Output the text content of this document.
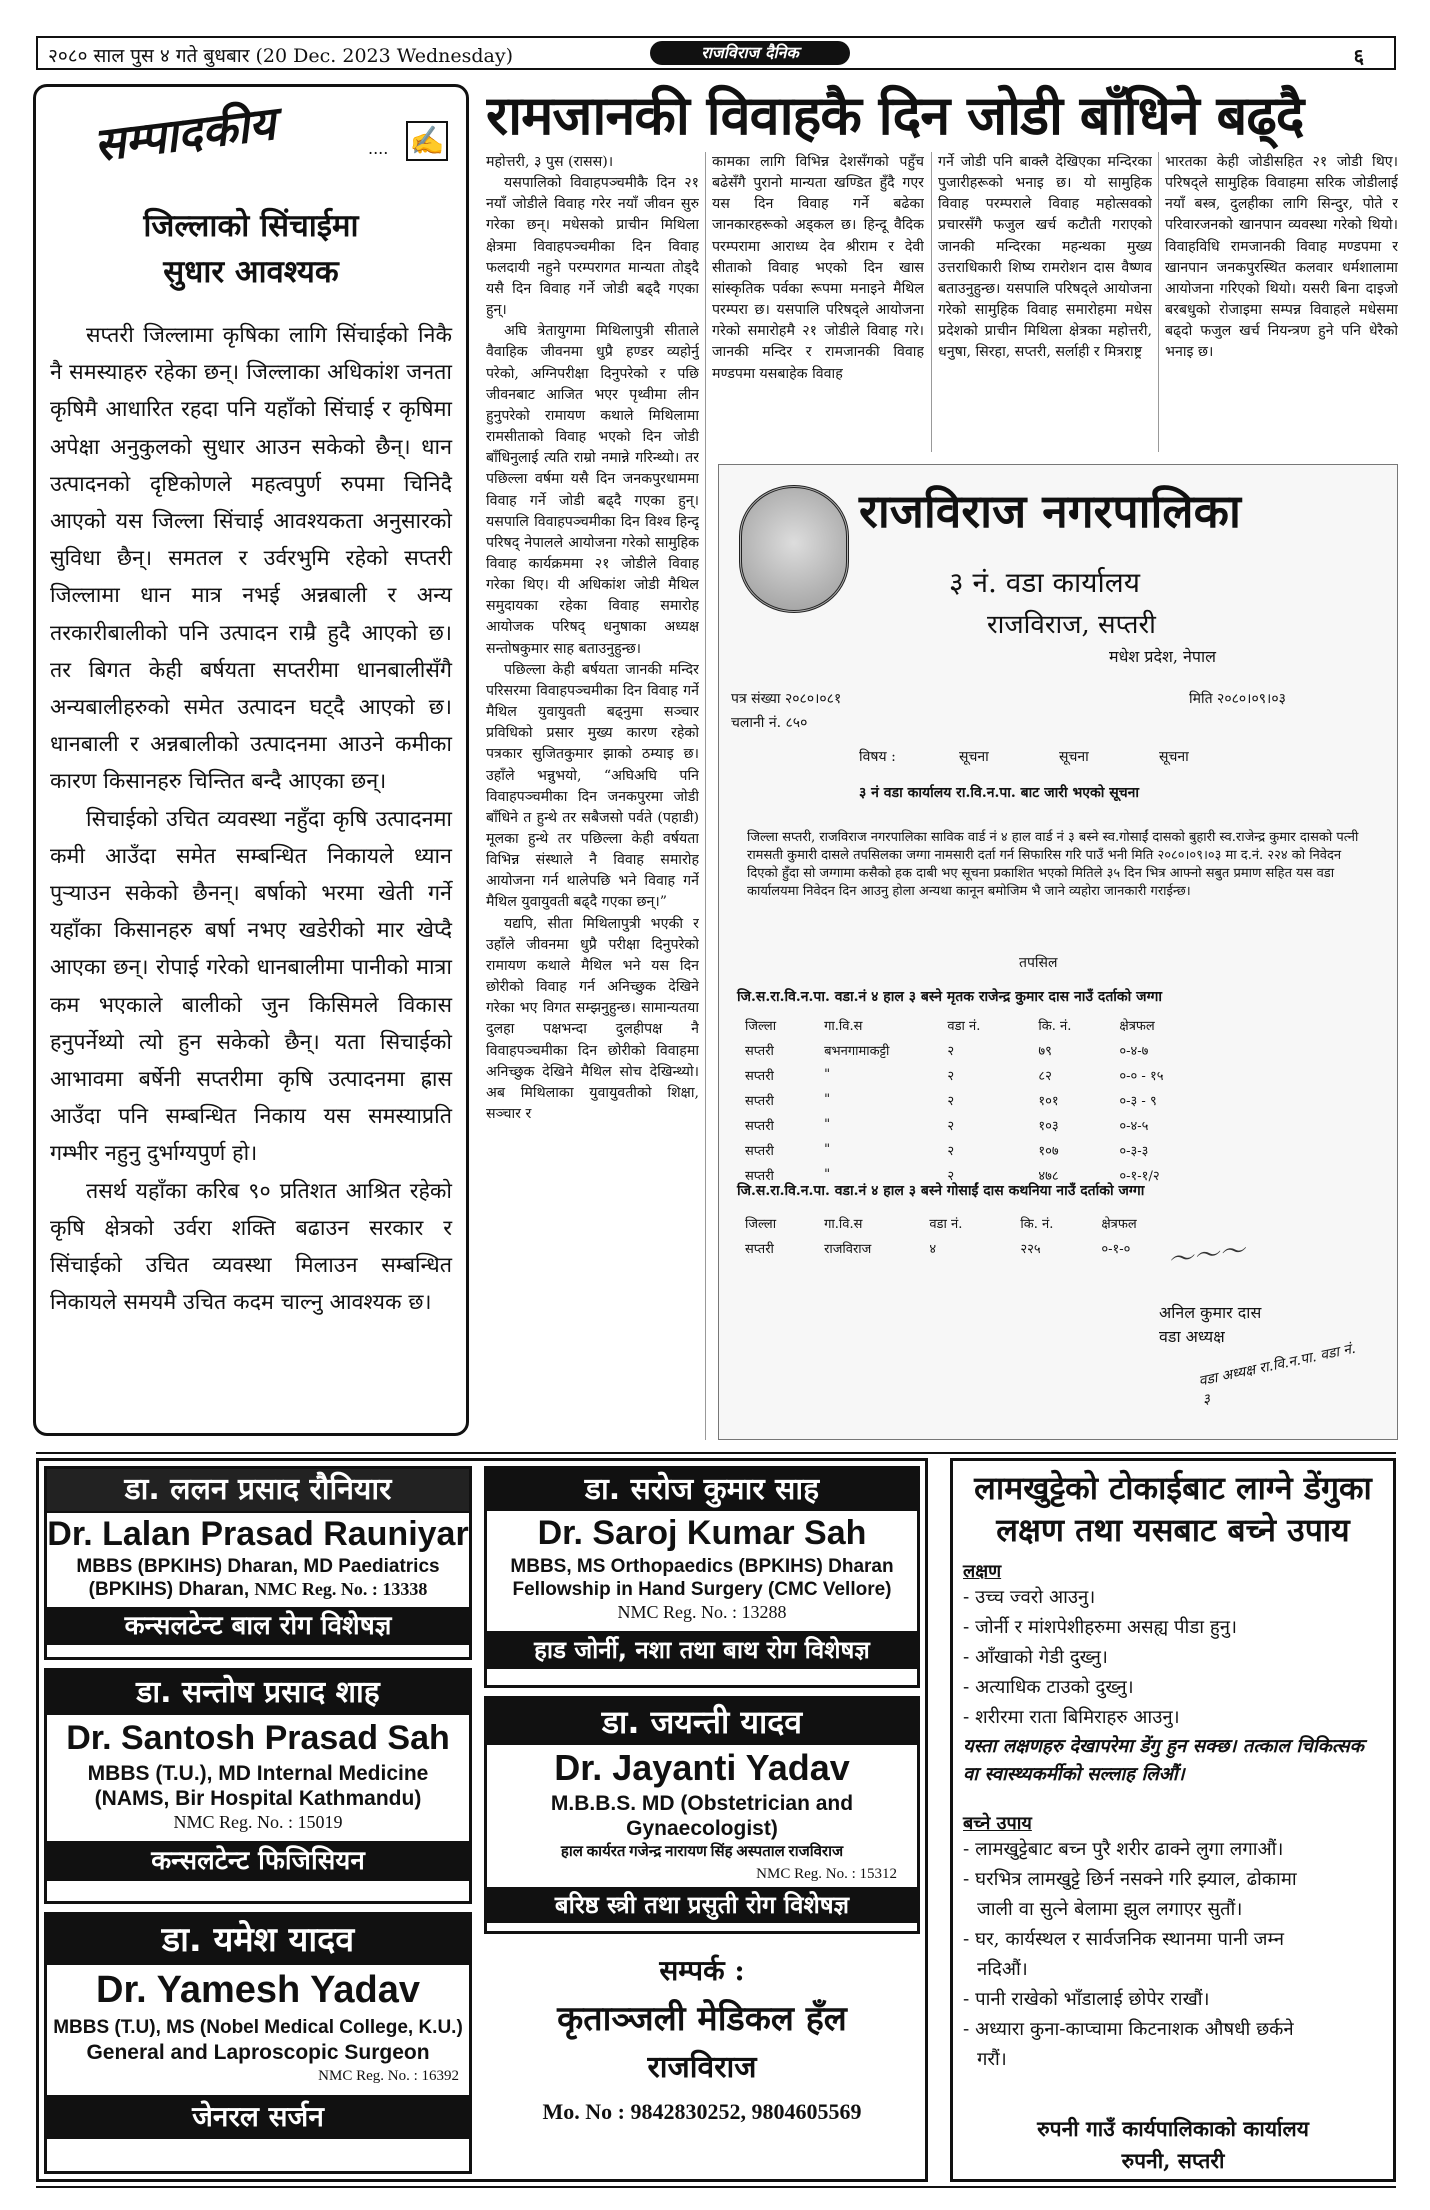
२०८० साल पुस ४ गते बुधबार (20 Dec. 2023 Wednesday)	राजविराज दैनिक	६
सम्पादकीय	.... ✍
जिल्लाको सिंचाईमा
सुधार आवश्यक

सप्तरी जिल्लामा कृषिका लागि सिंचाईको निकै नै समस्याहरु रहेका छन्। जिल्लाका अधिकांश जनता कृषिमै आधारित रहदा पनि यहाँको सिंचाई र कृषिमा अपेक्षा अनुकुलको सुधार आउन सकेको छैन्। धान उत्पादनको दृष्टिकोणले महत्वपुर्ण रुपमा चिनिदै आएको यस जिल्ला सिंचाई आवश्यकता अनुसारको सुविधा छैन्। समतल र उर्वरभुमि रहेको सप्तरी जिल्लामा धान मात्र नभई अन्नबाली र अन्य तरकारीबालीको पनि उत्पादन राम्रै हुदै आएको छ। तर बिगत केही बर्षयता सप्तरीमा धानबालीसँगै अन्यबालीहरुको समेत उत्पादन घट्दै आएको छ। धानबाली र अन्नबालीको उत्पादनमा आउने कमीका कारण किसानहरु चिन्तित बन्दै आएका छन्।

सिचाईको उचित व्यवस्था नहुँदा कृषि उत्पादनमा कमी आउँदा समेत सम्बन्धित निकायले ध्यान पुऱ्याउन सकेको छैनन्। बर्षाको भरमा खेती गर्ने यहाँका किसानहरु बर्षा नभए खडेरीको मार खेप्दै आएका छन्। रोपाई गरेको धानबालीमा पानीको मात्रा कम भएकाले बालीको जुन किसिमले विकास हनुपर्नेथ्यो त्यो हुन सकेको छैन्। यता सिचाईको आभावमा बर्षेनी सप्तरीमा कृषि उत्पादनमा ह्रास आउँदा पनि सम्बन्धित निकाय यस समस्याप्रति गम्भीर नहुनु दुर्भाग्यपुर्ण हो।

तसर्थ यहाँका करिब ९० प्रतिशत आश्रित रहेको कृषि क्षेत्रको उर्वरा शक्ति बढाउन सरकार र सिंचाईको उचित व्यवस्था मिलाउन सम्बन्धित निकायले समयमै उचित कदम चाल्नु आवश्यक छ।

रामजानकी विवाहकै दिन जोडी बाँधिने बढ्दै

महोत्तरी, ३ पुस (रासस)।

यसपालिको विवाहपञ्चमीकै दिन २१ नयाँ जोडीले विवाह गरेर नयाँ जीवन सुरु गरेका छन्। मधेसको प्राचीन मिथिला क्षेत्रमा विवाहपञ्चमीका दिन विवाह फलदायी नहुने परम्परागत मान्यता तोड्दै यसै दिन विवाह गर्ने जोडी बढ्दै गएका हुन्।

अघि त्रेतायुगमा मिथिलापुत्री सीताले वैवाहिक जीवनमा धुप्रै हण्डर व्यहोर्नु परेको, अग्निपरीक्षा दिनुपरेको र पछि जीवनबाट आजित भएर पृथ्वीमा लीन हुनुपरेको रामायण कथाले मिथिलामा रामसीताको विवाह भएको दिन जोडी बाँधिनुलाई त्यति राम्रो नमान्ने गरिन्थ्यो। तर पछिल्ला वर्षमा यसै दिन जनकपुरधाममा विवाह गर्ने जोडी बढ्दै गएका हुन्। यसपालि विवाहपञ्चमीका दिन विश्व हिन्दू परिषद् नेपालले आयोजना गरेको सामुहिक विवाह कार्यक्रममा २१ जोडीले विवाह गरेका थिए। यी अधिकांश जोडी मैथिल समुदायका रहेका विवाह समारोह आयोजक परिषद् धनुषाका अध्यक्ष सन्तोषकुमार साह बताउनुहुन्छ।

पछिल्ला केही बर्षयता जानकी मन्दिर परिसरमा विवाहपञ्चमीका दिन विवाह गर्ने मैथिल युवायुवती बढ्नुमा सञ्चार प्रविधिको प्रसार मुख्य कारण रहेको पत्रकार सुजितकुमार झाको ठम्याइ छ। उहाँले भन्नुभयो, “अघिअघि पनि विवाहपञ्चमीका दिन जनकपुरमा जोडी बाँधिने त हुन्थे तर सबैजसो पर्वते (पहाडी) मूलका हुन्थे तर पछिल्ला केही वर्षयता विभिन्न संस्थाले नै विवाह समारोह आयोजना गर्न थालेपछि भने विवाह गर्ने मैथिल युवायुवती बढ्दै गएका छन्।”

यद्यपि, सीता मिथिलापुत्री भएकी र उहाँले जीवनमा धुप्रै परीक्षा दिनुपरेको रामायण कथाले मैथिल भने यस दिन छोरीको विवाह गर्न अनिच्छुक देखिने गरेका भए विगत सम्झनुहुन्छ। सामान्यतया दुलहा पक्षभन्दा दुलहीपक्ष नै विवाहपञ्चमीका दिन छोरीको विवाहमा अनिच्छुक देखिने मैथिल सोच देखिन्थ्यो। अब मिथिलाका युवायुवतीको शिक्षा, सञ्चार र

कामका लागि विभिन्न देशसँगको पहुँच बढेसँगै पुरानो मान्यता खण्डित हुँदै गएर यस दिन विवाह गर्ने बढेका जानकारहरूको अड्कल छ। हिन्दू वैदिक परम्परामा आराध्य देव श्रीराम र देवी सीताको विवाह भएको दिन खास सांस्कृतिक पर्वका रूपमा मनाइने मैथिल परम्परा छ। यसपालि परिषद्ले आयोजना गरेको समारोहमै २१ जोडीले विवाह गरे। जानकी मन्दिर र रामजानकी विवाह मण्डपमा यसबाहेक विवाह

गर्ने जोडी पनि बाक्लै देखिएका मन्दिरका पुजारीहरूको भनाइ छ। यो सामुहिक विवाह परम्पराले विवाह महोत्सवको प्रचारसँगै फजुल खर्च कटौती गराएको जानकी मन्दिरका महन्थका मुख्य उत्तराधिकारी शिष्य रामरोशन दास वैष्णव बताउनुहुन्छ। यसपालि परिषद्ले आयोजना गरेको सामुहिक विवाह समारोहमा मधेस प्रदेशको प्राचीन मिथिला क्षेत्रका महोत्तरी, धनुषा, सिरहा, सप्तरी, सर्लाही र मित्रराष्ट्र

भारतका केही जोडीसहित २१ जोडी थिए। परिषद्ले सामुहिक विवाहमा सरिक जोडीलाई नयाँ बस्त्र, दुलहीका लागि सिन्दुर, पोते र परिवारजनको खानपान व्यवस्था गरेको थियो। विवाहविधि रामजानकी विवाह मण्डपमा र खानपान जनकपुरस्थित कलवार धर्मशालामा आयोजना गरिएको थियो। यसरी बिना दाइजो बरबधुको रोजाइमा सम्पन्न विवाहले मधेसमा बढ्दो फजुल खर्च नियन्त्रण हुने पनि धेरैको भनाइ छ।

राजविराज नगरपालिका
३ नं. वडा कार्यालय
राजविराज, सप्तरी
मधेश प्रदेश, नेपाल
पत्र संख्या २०८०।०८१
चलानी नं. ८५०
मिति २०८०।०९।०३
विषय :	सूचना	सूचना	सूचना
३ नं वडा कार्यालय रा.वि.न.पा. बाट जारी भएको सूचना
जिल्ला सप्तरी, राजविराज नगरपालिका साविक वार्ड नं ४ हाल वार्ड नं ३ बस्ने स्व.गोसाईं दासको बुहारी स्व.राजेन्द्र कुमार दासको पत्नी रामसती कुमारी दासले तपसिलका जग्गा नामसारी दर्ता गर्न सिफारिस गरि पाउँ भनी मिति २०८०।०९।०३ मा द.नं. २२४ को निवेदन दिएको हुँदा सो जग्गामा कसैको हक दाबी भए सूचना प्रकाशित भएको मितिले ३५ दिन भित्र आफ्नो सबुत प्रमाण सहित यस वडा कार्यालयमा निवेदन दिन आउनु होला अन्यथा कानून बमोजिम भै जाने व्यहोरा जानकारी गराईन्छ।
तपसिल
जि.स.रा.वि.न.पा. वडा.नं ४ हाल ३ बस्ने मृतक राजेन्द्र कुमार दास नाउँ दर्ताको जग्गा
जिल्ला	गा.वि.स	वडा नं.	कि. नं.	क्षेत्रफल
सप्तरी	बभनगामाकट्टी	२	७९	०-४-७
सप्तरी	"	२	८२	०-० - १५
सप्तरी	"	२	१०१	०-३ - ९
सप्तरी	"	२	१०३	०-४-५
सप्तरी	"	२	१०७	०-३-३
सप्तरी	"	२	४७८	०-१-१/२
जि.स.रा.वि.न.पा. वडा.नं ४ हाल ३ बस्ने गोसाईं दास कथनिया नाउँ दर्ताको जग्गा
जिल्ला	गा.वि.स	वडा नं.	कि. नं.	क्षेत्रफल
सप्तरी	राजविराज	४	२२५	०-१-० 〜〜〜
अनिल कुमार दास
वडा अध्यक्ष
वडा अध्यक्ष रा.वि.न.पा. वडा नं. ३
डा. ललन प्रसाद रौनियार
Dr. Lalan Prasad Rauniyar
MBBS (BPKIHS) Dharan, MD Paediatrics
(BPKIHS) Dharan, NMC Reg. No. : 13338
कन्सलटेन्ट बाल रोग विशेषज्ञ
डा. सरोज कुमार साह
Dr. Saroj Kumar Sah
MBBS, MS Orthopaedics (BPKIHS) Dharan
Fellowship in Hand Surgery (CMC Vellore)
NMC Reg. No. : 13288
हाड जोर्नी, नशा तथा बाथ रोग विशेषज्ञ
डा. सन्तोष प्रसाद शाह
Dr. Santosh Prasad Sah
MBBS (T.U.), MD Internal Medicine
(NAMS, Bir Hospital Kathmandu)
NMC Reg. No. : 15019
कन्सलटेन्ट फिजिसियन
डा. जयन्ती यादव
Dr. Jayanti Yadav
M.B.B.S. MD (Obstetrician and
Gynaecologist)
हाल कार्यरत गजेन्द्र नारायण सिंह अस्पताल राजविराज
NMC Reg. No. : 15312
बरिष्ठ स्त्री तथा प्रसुती रोग विशेषज्ञ
डा. यमेश यादव
Dr. Yamesh Yadav
MBBS (T.U), MS (Nobel Medical College, K.U.)
General and Laproscopic Surgeon
NMC Reg. No. : 16392
जेनरल सर्जन
सम्पर्क :
कृताञ्जली मेडिकल हँल
राजविराज
Mo. No : 9842830252, 9804605569
लामखुट्टेको टोकाईबाट लाग्ने डेंगुका
लक्षण तथा यसबाट बच्ने उपाय
लक्षण
- उच्च ज्वरो आउनु।
- जोर्नी र मांशपेशीहरुमा असह्य पीडा हुनु।
- आँखाको गेडी दुख्नु।
- अत्याधिक टाउको दुख्नु।
- शरीरमा राता बिमिराहरु आउनु।
यस्ता लक्षणहरु देखापरेमा डेंगु हुन सक्छ। तत्काल चिकित्सक वा स्वास्थ्यकर्मीको सल्लाह लिऔं।
बच्ने उपाय
- लामखुट्टेबाट बच्न पुरै शरीर ढाक्ने लुगा लगाऔं।
- घरभित्र लामखुट्टे छिर्न नसक्ने गरि झ्याल, ढोकामा
जाली वा सुत्ने बेलामा झुल लगाएर सुतौं।
- घर, कार्यस्थल र सार्वजनिक स्थानमा पानी जम्न
नदिऔं।
- पानी राखेको भाँडालाई छोपेर राखौं।
- अध्यारा कुना-काप्चामा किटनाशक औषधी छर्कने
गरौं।
रुपनी गाउँ कार्यपालिकाको कार्यालय
रुपनी, सप्तरी
